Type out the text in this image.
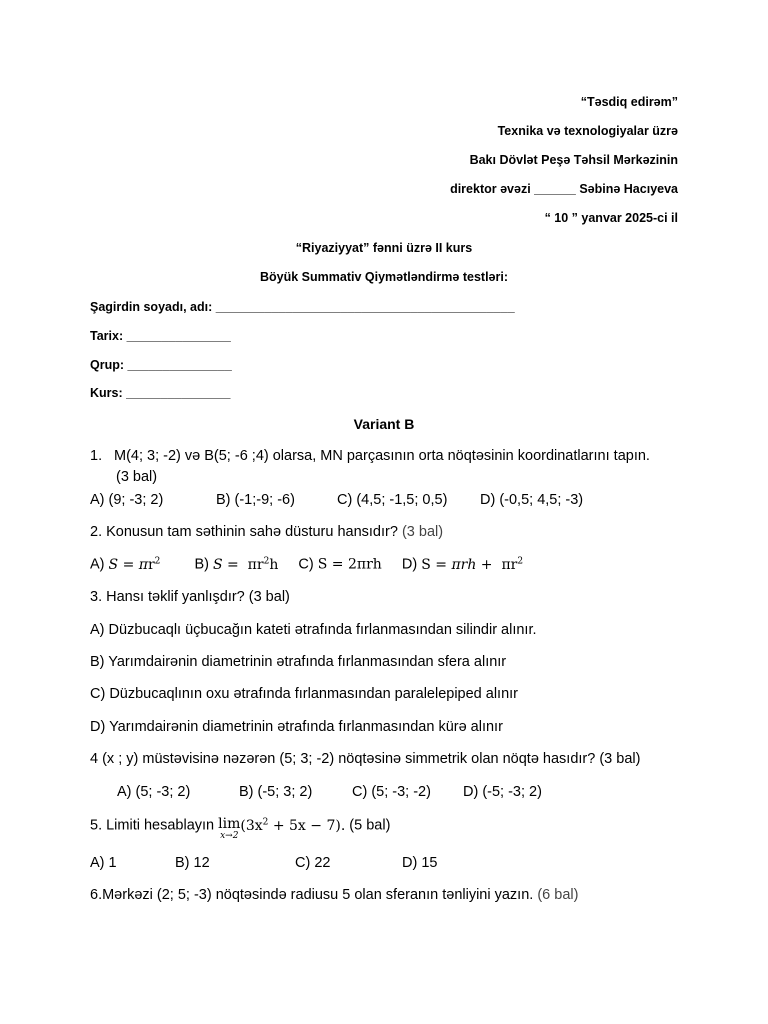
“Təsdiq edirəm”
Texnika və texnologiyalar üzrə
Bakı Dövlət Peşə Təhsil Mərkəzinin
direktor əvəzi ______ Səbinə Hacıyeva
“ 10 ” yanvar 2025-ci il
“Riyaziyyat” fənni üzrə II kurs
Böyük Summativ Qiymətləndirmə testləri:
Şagirdin soyadı, adı: ___________________________________________
Tarix: _______________
Qrup: _______________
Kurs: _______________
Variant B
1. M(4; 3; -2) və B(5; -6 ;4) olarsa, MN parçasının orta nöqtəsinin koordinatlarını tapın.
(3 bal)
A) (9; -3; 2)	B) (-1;-9; -6)	C) (4,5; -1,5; 0,5) D) (-0,5; 4,5; -3)
2. Konusun tam səthinin sahə düsturu hansıdır? (3 bal)
A) $S = \pi r^2$ B) $S = \pi r^2h$ C) S = 2πrh D) $S = \pi rh + \pi r^2$
3. Hansı təklif yanlışdır? (3 bal)
A) Düzbucaqlı üçbucağın kateti ətrafında fırlanmasından silindir alınır.
B) Yarımdairənin diametrinin ətrafında fırlanmasından sfera alınır
C) Düzbucaqlının oxu ətrafında fırlanmasından paralelepiped alınır
D) Yarımdairənin diametrinin ətrafında fırlanmasından kürə alınır
4 (x ; y) müstəvisinə nəzərən (5; 3; -2) nöqtəsinə simmetrik olan nöqtə hasıdır? (3 bal)
A) (5; -3; 2)	B) (-5; 3; 2)	C) (5; -3; -2) D) (-5; -3; 2)
5. Limiti hesablayın lim
x→2
$(3x^2 + 5x - 7)$. (5 bal)
A) 1	B) 12	C) 22	D) 15
6.Mərkəzi (2; 5; -3) nöqtəsində radiusu 5 olan sferanın tənliyini yazın. (6 bal)
